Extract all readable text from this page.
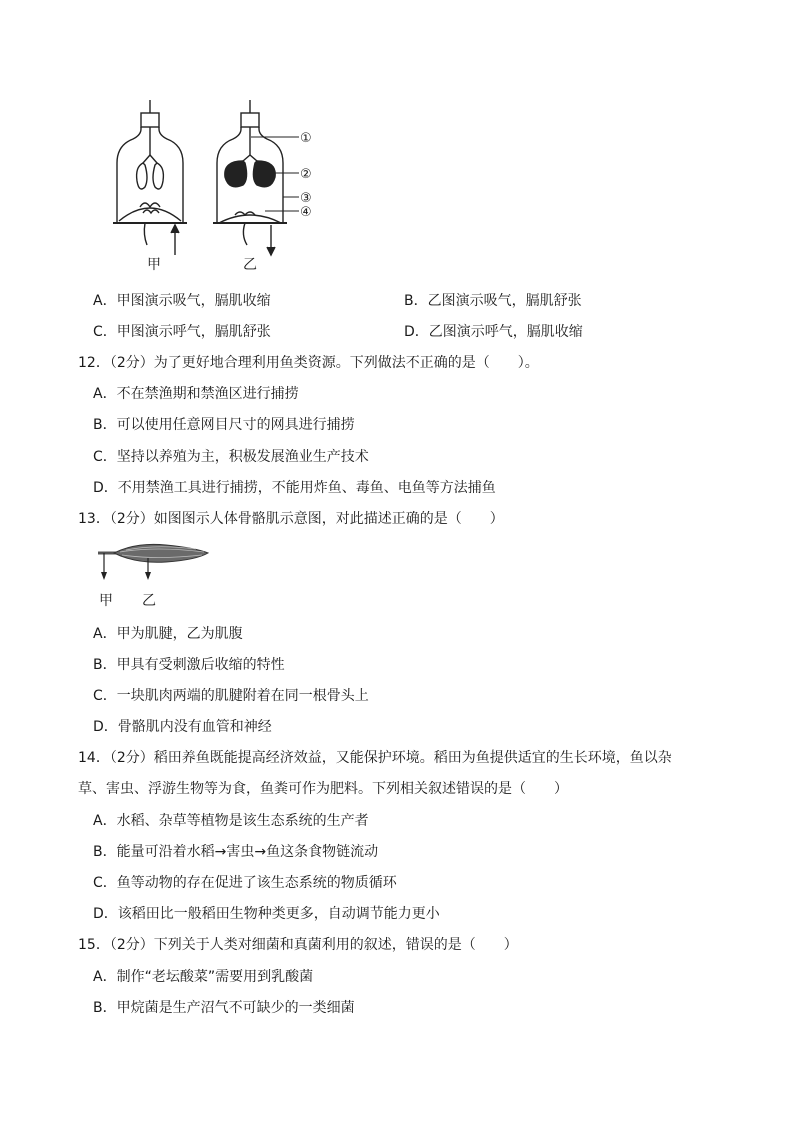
①
②
③
④
甲	乙
A．甲图演示吸气，膈肌收缩	B．乙图演示吸气，膈肌舒张
C．甲图演示呼气，膈肌舒张	D．乙图演示呼气，膈肌收缩
12．（2分）为了更好地合理利用鱼类资源。下列做法不正确的是（　　）。
A．不在禁渔期和禁渔区进行捕捞
B．可以使用任意网目尺寸的网具进行捕捞
C．坚持以养殖为主，积极发展渔业生产技术
D．不用禁渔工具进行捕捞，不能用炸鱼、毒鱼、电鱼等方法捕鱼
13．（2分）如图图示人体骨骼肌示意图，对此描述正确的是（　　）
甲 乙
A．甲为肌腱，乙为肌腹
B．甲具有受刺激后收缩的特性
C．一块肌肉两端的肌腱附着在同一根骨头上
D．骨骼肌内没有血管和神经
14．（2分）稻田养鱼既能提高经济效益，又能保护环境。稻田为鱼提供适宜的生长环境，鱼以杂
草、害虫、浮游生物等为食，鱼粪可作为肥料。下列相关叙述错误的是（　　）
A．水稻、杂草等植物是该生态系统的生产者
B．能量可沿着水稻→害虫→鱼这条食物链流动
C．鱼等动物的存在促进了该生态系统的物质循环
D．该稻田比一般稻田生物种类更多，自动调节能力更小
15．（2分）下列关于人类对细菌和真菌利用的叙述，错误的是（　　）
A．制作“老坛酸菜”需要用到乳酸菌
B．甲烷菌是生产沼气不可缺少的一类细菌
